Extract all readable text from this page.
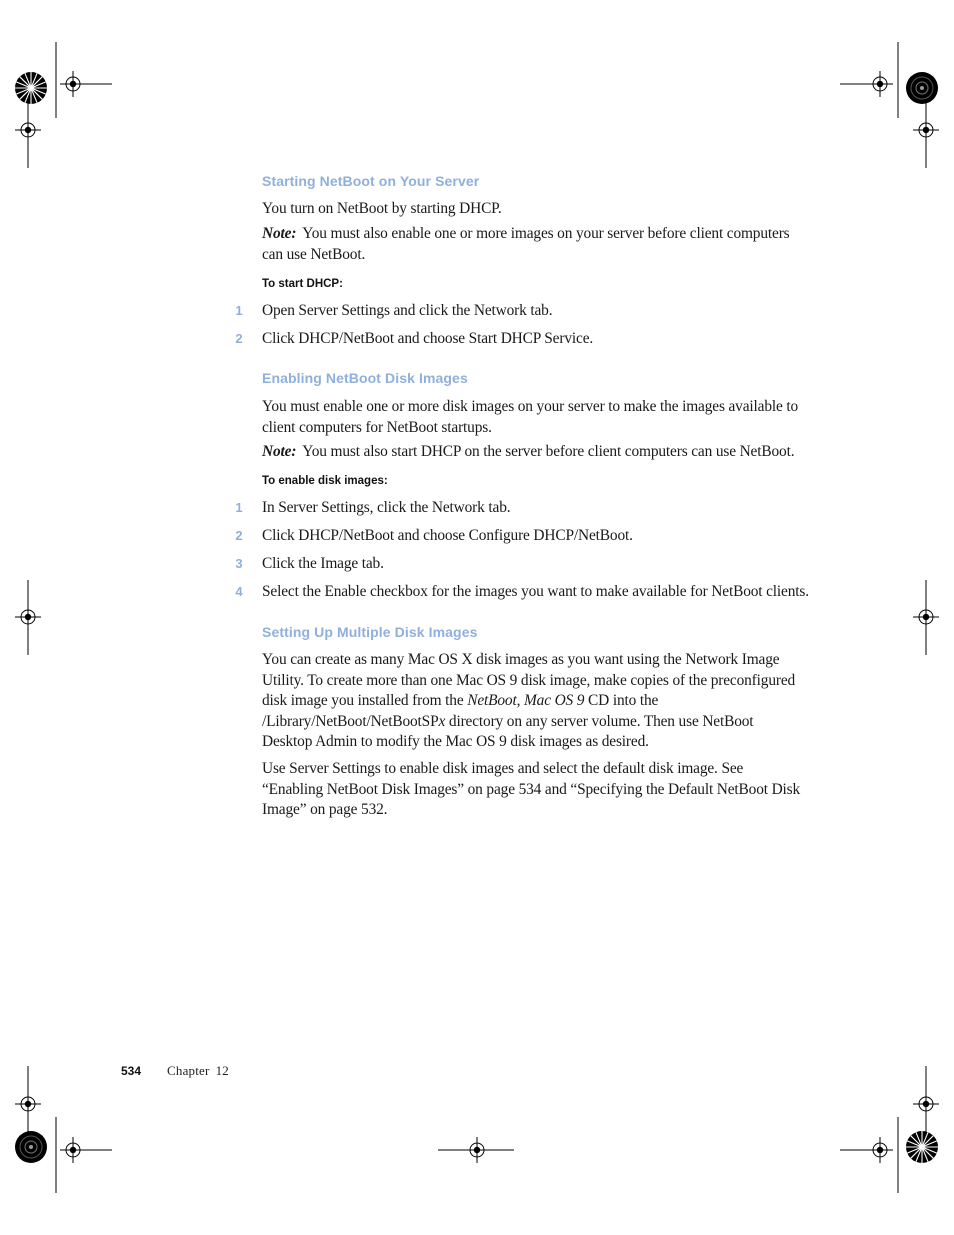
Starting NetBoot on Your Server

You turn on NetBoot by starting DHCP.

Note: You must also enable one or more images on your server before client computers can use NetBoot.

To start DHCP:
1 Open Server Settings and click the Network tab.
2 Click DHCP/NetBoot and choose Start DHCP Service.
Enabling NetBoot Disk Images

You must enable one or more disk images on your server to make the images available to client computers for NetBoot startups.

Note: You must also start DHCP on the server before client computers can use NetBoot.

To enable disk images:
1 In Server Settings, click the Network tab.
2 Click DHCP/NetBoot and choose Configure DHCP/NetBoot.
3 Click the Image tab.
4 Select the Enable checkbox for the images you want to make available for NetBoot clients.
Setting Up Multiple Disk Images

You can create as many Mac OS X disk images as you want using the Network Image Utility. To create more than one Mac OS 9 disk image, make copies of the preconfigured disk image you installed from the NetBoot, Mac OS 9 CD into the /Library/NetBoot/NetBootSPx directory on any server volume. Then use NetBoot Desktop Admin to modify the Mac OS 9 disk images as desired.

Use Server Settings to enable disk images and select the default disk image. See “Enabling NetBoot Disk Images” on page 534 and “Specifying the Default NetBoot Disk Image” on page 532.

534 Chapter 12
